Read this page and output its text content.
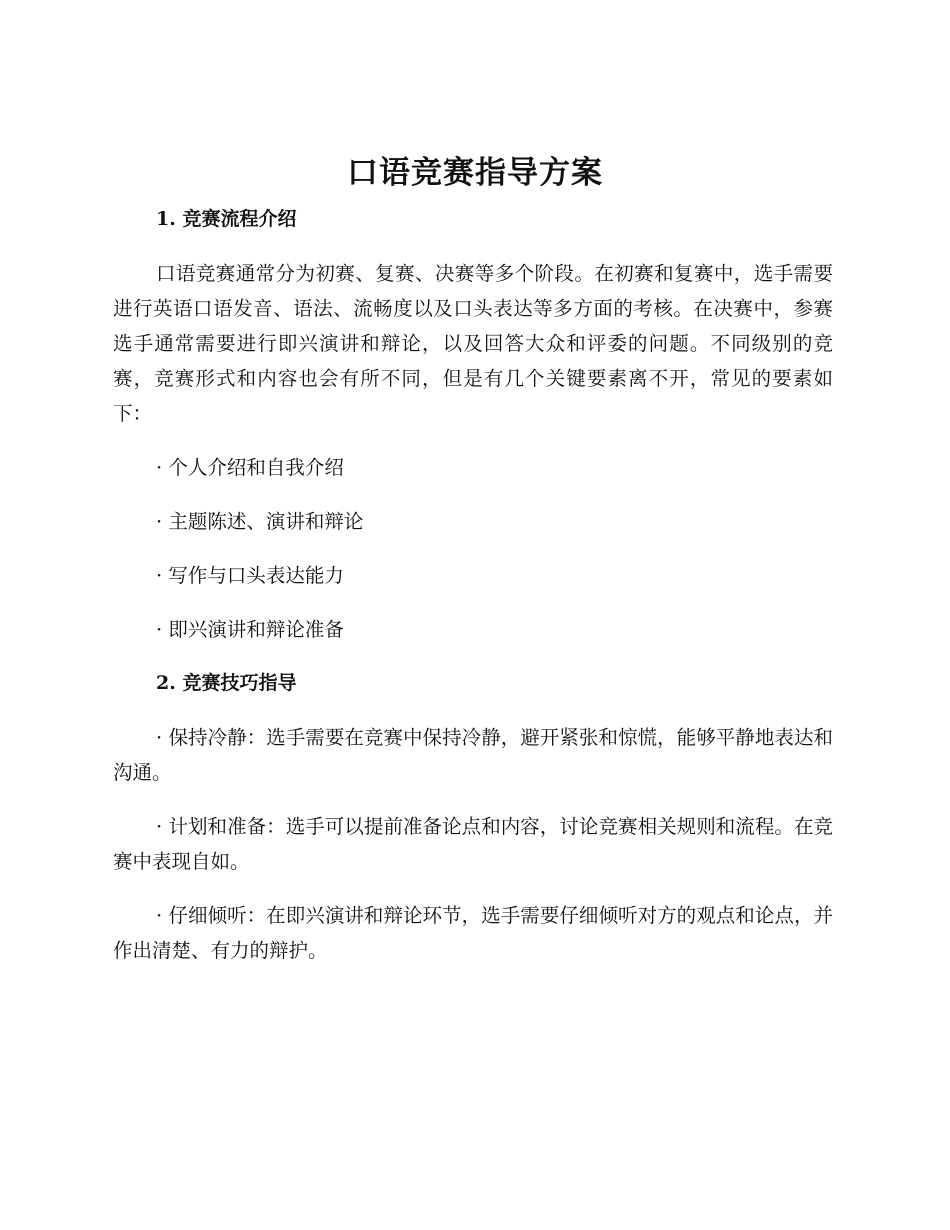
口语竞赛指导方案

1. 竞赛流程介绍

口语竞赛通常分为初赛、复赛、决赛等多个阶段。在初赛和复赛中，选手需要进行英语口语发音、语法、流畅度以及口头表达等多方面的考核。在决赛中，参赛选手通常需要进行即兴演讲和辩论，以及回答大众和评委的问题。不同级别的竞赛，竞赛形式和内容也会有所不同，但是有几个关键要素离不开，常见的要素如下：

· 个人介绍和自我介绍

· 主题陈述、演讲和辩论

· 写作与口头表达能力

· 即兴演讲和辩论准备

2. 竞赛技巧指导

· 保持冷静：选手需要在竞赛中保持冷静，避开紧张和惊慌，能够平静地表达和沟通。

· 计划和准备：选手可以提前准备论点和内容，讨论竞赛相关规则和流程。在竞赛中表现自如。

· 仔细倾听：在即兴演讲和辩论环节，选手需要仔细倾听对方的观点和论点，并作出清楚、有力的辩护。
